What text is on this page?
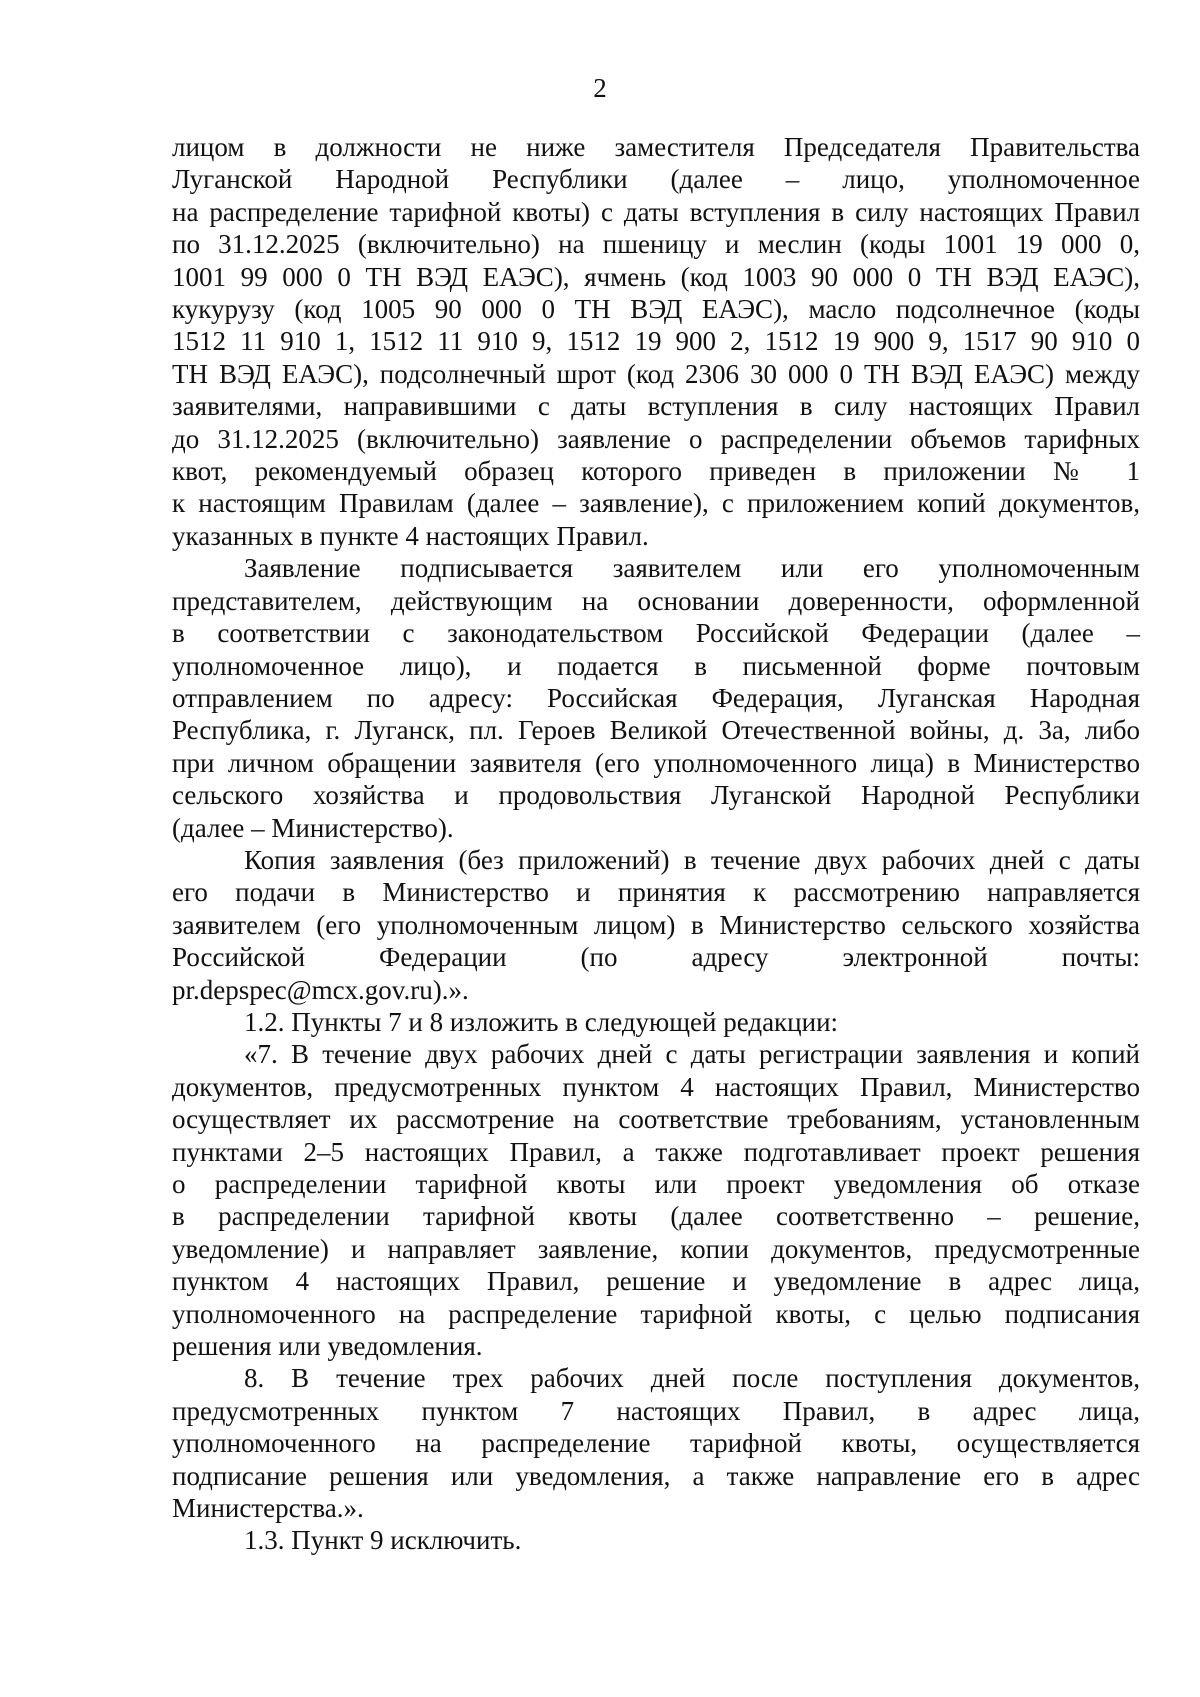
2
лицом в должности не ниже заместителя Председателя Правительства
Луганской Народной Республики (далее – лицо, уполномоченное
на распределение тарифной квоты) с даты вступления в силу настоящих Правил
по 31.12.2025 (включительно) на пшеницу и меслин (коды 1001 19 000 0,
1001 99 000 0 ТН ВЭД ЕАЭС), ячмень (код 1003 90 000 0 ТН ВЭД ЕАЭС),
кукурузу (код 1005 90 000 0 ТН ВЭД ЕАЭС), масло подсолнечное (коды
1512 11 910 1, 1512 11 910 9, 1512 19 900 2, 1512 19 900 9, 1517 90 910 0
ТН ВЭД ЕАЭС), подсолнечный шрот (код 2306 30 000 0 ТН ВЭД ЕАЭС) между
заявителями, направившими с даты вступления в силу настоящих Правил
до 31.12.2025 (включительно) заявление о распределении объемов тарифных
квот, рекомендуемый образец которого приведен в приложении № 1
к настоящим Правилам (далее – заявление), с приложением копий документов,
указанных в пункте 4 настоящих Правил.
Заявление подписывается заявителем или его уполномоченным
представителем, действующим на основании доверенности, оформленной
в соответствии с законодательством Российской Федерации (далее –
уполномоченное лицо), и подается в письменной форме почтовым
отправлением по адресу: Российская Федерация, Луганская Народная
Республика, г. Луганск, пл. Героев Великой Отечественной войны, д. 3а, либо
при личном обращении заявителя (его уполномоченного лица) в Министерство
сельского хозяйства и продовольствия Луганской Народной Республики
(далее – Министерство).
Копия заявления (без приложений) в течение двух рабочих дней с даты
его подачи в Министерство и принятия к рассмотрению направляется
заявителем (его уполномоченным лицом) в Министерство сельского хозяйства
Российской Федерации (по адресу электронной почты:
pr.depspec@mcx.gov.ru).».
1.2. Пункты 7 и 8 изложить в следующей редакции:
«7. В течение двух рабочих дней с даты регистрации заявления и копий
документов, предусмотренных пунктом 4 настоящих Правил, Министерство
осуществляет их рассмотрение на соответствие требованиям, установленным
пунктами 2–5 настоящих Правил, а также подготавливает проект решения
о распределении тарифной квоты или проект уведомления об отказе
в распределении тарифной квоты (далее соответственно – решение,
уведомление) и направляет заявление, копии документов, предусмотренные
пунктом 4 настоящих Правил, решение и уведомление в адрес лица,
уполномоченного на распределение тарифной квоты, с целью подписания
решения или уведомления.
8. В течение трех рабочих дней после поступления документов,
предусмотренных пунктом 7 настоящих Правил, в адрес лица,
уполномоченного на распределение тарифной квоты, осуществляется
подписание решения или уведомления, а также направление его в адрес
Министерства.».
1.3. Пункт 9 исключить.
